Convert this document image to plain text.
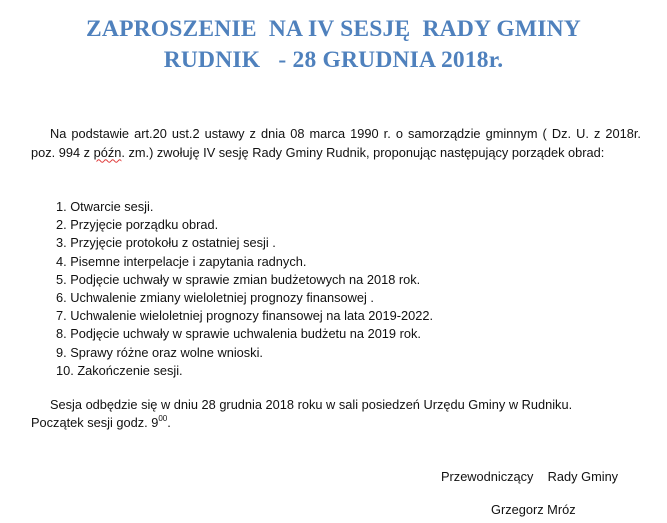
ZAPROSZENIE  NA IV SESJĘ  RADY GMINY
RUDNIK   - 28 GRUDNIA 2018r.
Na podstawie art.20 ust.2 ustawy z dnia 08 marca 1990 r. o samorządzie gminnym ( Dz. U. z 2018r. poz. 994 z późn. zm.) zwołuję IV sesję Rady Gminy Rudnik, proponując następujący porządek obrad:
1. Otwarcie sesji.
2. Przyjęcie porządku obrad.
3. Przyjęcie protokołu z ostatniej sesji .
4. Pisemne interpelacje i zapytania radnych.
5. Podjęcie uchwały w sprawie zmian budżetowych na 2018 rok.
6. Uchwalenie zmiany wieloletniej prognozy finansowej .
7. Uchwalenie wieloletniej prognozy finansowej na lata 2019-2022.
8. Podjęcie uchwały w sprawie uchwalenia budżetu na 2019 rok.
9. Sprawy różne oraz wolne wnioski.
10. Zakończenie sesji.
Sesja odbędzie się w dniu 28 grudnia 2018 roku w sali posiedzeń Urzędu Gminy w Rudniku.
Początek sesji godz. $9^{00}$.
Przewodniczący    Rady Gminy
Grzegorz Mróz
